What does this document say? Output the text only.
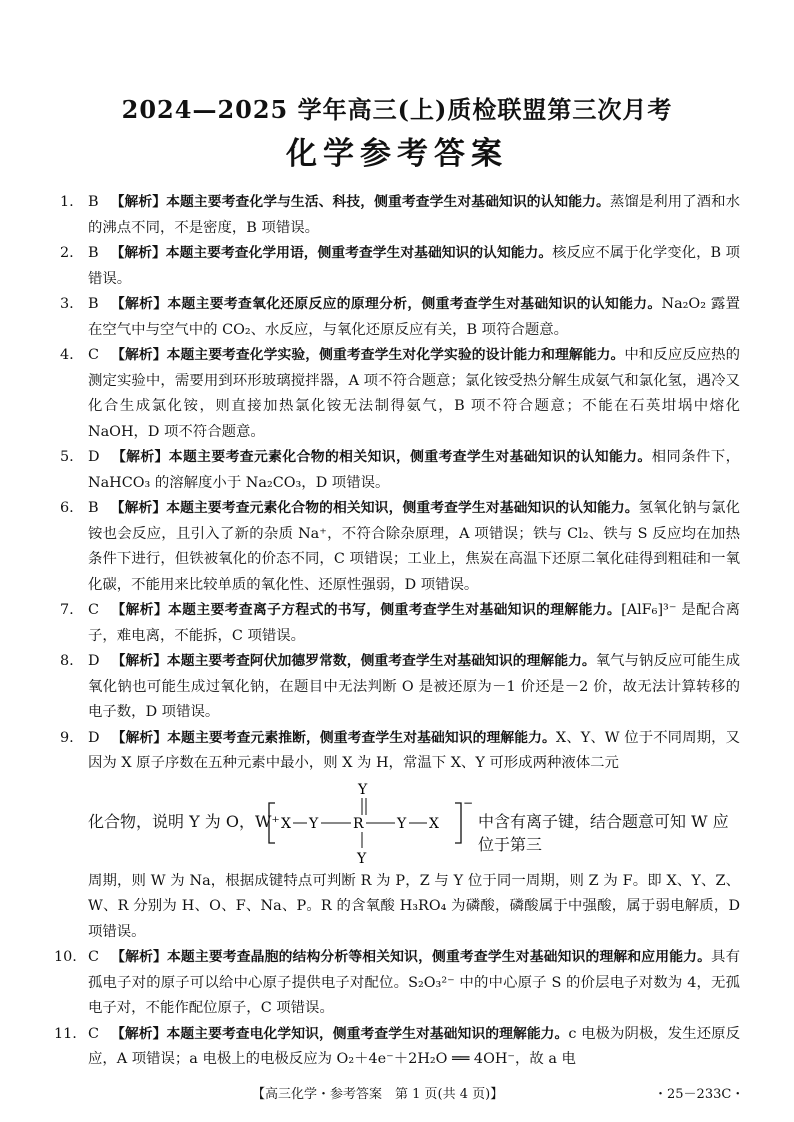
2024—2025 学年高三(上)质检联盟第三次月考
化学参考答案
1. B 【解析】本题主要考查化学与生活、科技，侧重考查学生对基础知识的认知能力。蒸馏是利用了酒和水的沸点不同，不是密度，B 项错误。
2. B 【解析】本题主要考查化学用语，侧重考查学生对基础知识的认知能力。核反应不属于化学变化，B 项错误。
3. B 【解析】本题主要考查氧化还原反应的原理分析，侧重考查学生对基础知识的认知能力。Na₂O₂ 露置在空气中与空气中的 CO₂、水反应，与氧化还原反应有关，B 项符合题意。
4. C 【解析】本题主要考查化学实验，侧重考查学生对化学实验的设计能力和理解能力。中和反应反应热的测定实验中，需要用到环形玻璃搅拌器，A 项不符合题意；氯化铵受热分解生成氨气和氯化氢，遇冷又化合生成氯化铵，则直接加热氯化铵无法制得氨气，B 项不符合题意；不能在石英坩埚中熔化 NaOH，D 项不符合题意。
5. D 【解析】本题主要考查元素化合物的相关知识，侧重考查学生对基础知识的认知能力。相同条件下，NaHCO₃ 的溶解度小于 Na₂CO₃，D 项错误。
6. B 【解析】本题主要考查元素化合物的相关知识，侧重考查学生对基础知识的认知能力。氢氧化钠与氯化铵也会反应，且引入了新的杂质 Na⁺，不符合除杂原理，A 项错误；铁与 Cl₂、铁与 S 反应均在加热条件下进行，但铁被氧化的价态不同，C 项错误；工业上，焦炭在高温下还原二氧化硅得到粗硅和一氧化碳，不能用来比较单质的氧化性、还原性强弱，D 项错误。
7. C 【解析】本题主要考查离子方程式的书写，侧重考查学生对基础知识的理解能力。[AlF₆]³⁻ 是配合离子，难电离，不能拆，C 项错误。
8. D 【解析】本题主要考查阿伏加德罗常数，侧重考查学生对基础知识的理解能力。氧气与钠反应可能生成氧化钠也可能生成过氧化钠，在题目中无法判断 O 是被还原为－1 价还是－2 价，故无法计算转移的电子数，D 项错误。
9. D 【解析】本题主要考查元素推断，侧重考查学生对基础知识的理解能力。X、Y、W 位于不同周期，又因为 X 原子序数在五种元素中最小，则 X 为 H，常温下 X、Y 可形成两种液体二元
化合物，说明 Y 为 O，W⁺
Y
X Y R Y X
−
Y
中含有离子键，结合题意可知 W 应位于第三
周期，则 W 为 Na，根据成键特点可判断 R 为 P，Z 与 Y 位于同一周期，则 Z 为 F。即 X、Y、Z、W、R 分别为 H、O、F、Na、P。R 的含氧酸 H₃RO₄ 为磷酸，磷酸属于中强酸，属于弱电解质，D 项错误。
10. C 【解析】本题主要考查晶胞的结构分析等相关知识，侧重考查学生对基础知识的理解和应用能力。具有孤电子对的原子可以给中心原子提供电子对配位。S₂O₃²⁻ 中的中心原子 S 的价层电子对数为 4，无孤电子对，不能作配位原子，C 项错误。
11. C 【解析】本题主要考查电化学知识，侧重考查学生对基础知识的理解能力。c 电极为阴极，发生还原反应，A 项错误；a 电极上的电极反应为 O₂＋4e⁻＋2H₂O ══ 4OH⁻，故 a 电
【高三化学・参考答案　第 1 页(共 4 页)】	・25－233C・
